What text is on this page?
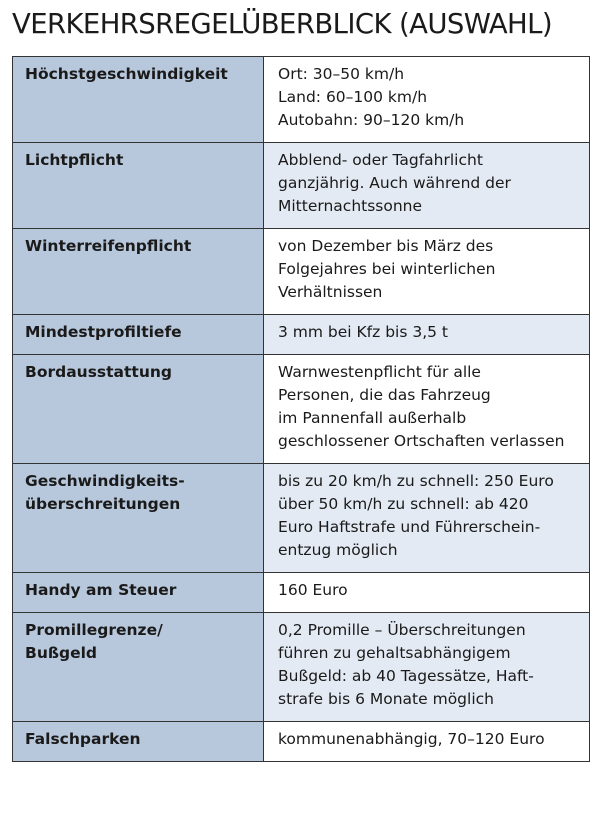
VERKEHRSREGELÜBERBLICK (AUSWAHL)
Höchstgeschwindigkeit	Ort: 30–50 km/h
Land: 60–100 km/h
Autobahn: 90–120 km/h
Lichtpflicht	Abblend- oder Tagfahrlicht
ganzjährig. Auch während der
Mitternachtssonne
Winterreifenpflicht	von Dezember bis März des
Folgejahres bei winterlichen
Verhältnissen
Mindestprofiltiefe	3 mm bei Kfz bis 3,5 t
Bordausstattung	Warnwestenpflicht für alle
Personen, die das Fahrzeug
im Pannenfall außerhalb
geschlossener Ortschaften verlassen
Geschwindigkeits-
überschreitungen	bis zu 20 km/h zu schnell: 250 Euro
über 50 km/h zu schnell: ab 420
Euro Haftstrafe und Führerschein-
entzug möglich
Handy am Steuer	160 Euro
Promillegrenze/
Bußgeld	0,2 Promille – Überschreitungen
führen zu gehaltsabhängigem
Bußgeld: ab 40 Tagessätze, Haft-
strafe bis 6 Monate möglich
Falschparken	kommunenabhängig, 70–120 Euro
